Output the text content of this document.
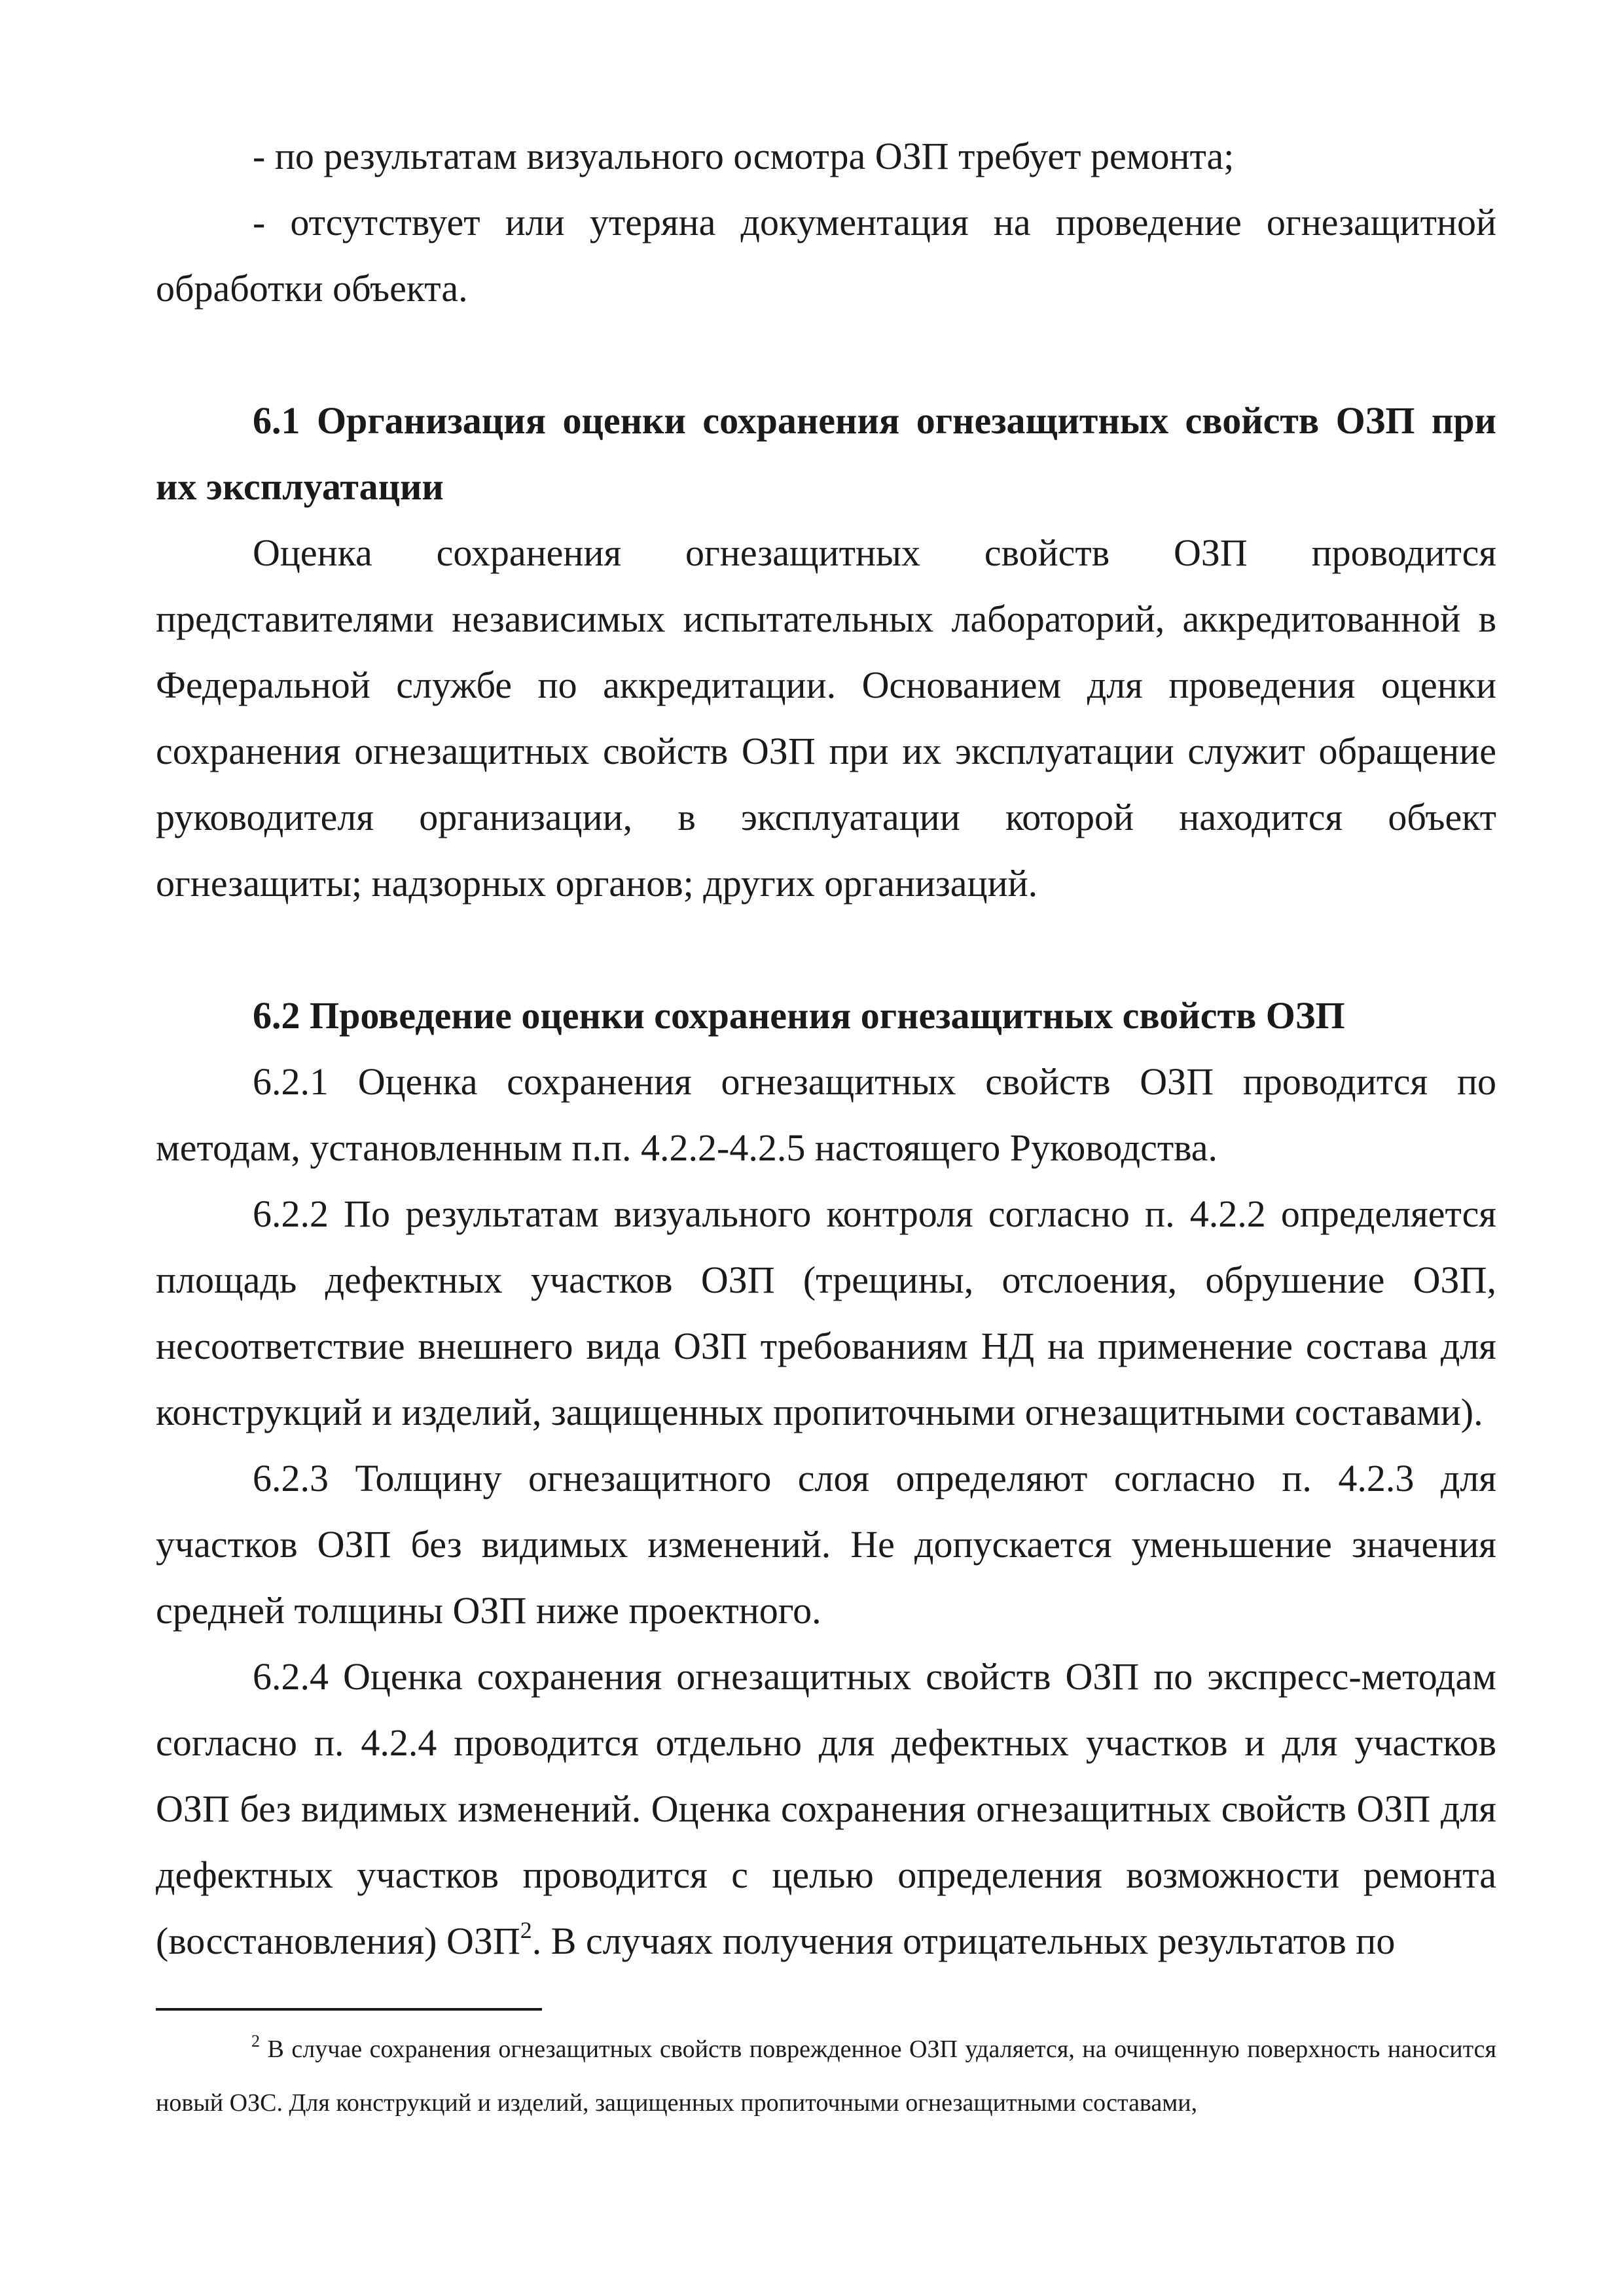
- по результатам визуального осмотра ОЗП требует ремонта;

- отсутствует или утеряна документация на проведение огнезащитной обработки объекта.

6.1 Организация оценки сохранения огнезащитных свойств ОЗП при их эксплуатации

Оценка сохранения огнезащитных свойств ОЗП проводится представителями независимых испытательных лабораторий, аккредитованной в Федеральной службе по аккредитации. Основанием для проведения оценки сохранения огнезащитных свойств ОЗП при их эксплуатации служит обращение руководителя организации, в эксплуатации которой находится объект огнезащиты; надзорных органов; других организаций.

6.2 Проведение оценки сохранения огнезащитных свойств ОЗП

6.2.1 Оценка сохранения огнезащитных свойств ОЗП проводится по методам, установленным п.п. 4.2.2-4.2.5 настоящего Руководства.

6.2.2 По результатам визуального контроля согласно п. 4.2.2 определяется площадь дефектных участков ОЗП (трещины, отслоения, обрушение ОЗП, несоответствие внешнего вида ОЗП требованиям НД на применение состава для конструкций и изделий, защищенных пропиточными огнезащитными составами).

6.2.3 Толщину огнезащитного слоя определяют согласно п. 4.2.3 для участков ОЗП без видимых изменений. Не допускается уменьшение значения средней толщины ОЗП ниже проектного.

6.2.4 Оценка сохранения огнезащитных свойств ОЗП по экспресс-методам согласно п. 4.2.4 проводится отдельно для дефектных участков и для участков ОЗП без видимых изменений. Оценка сохранения огнезащитных свойств ОЗП для дефектных участков проводится с целью определения возможности ремонта (восстановления) ОЗП$^2$. В случаях получения отрицательных результатов по

$^2$ В случае сохранения огнезащитных свойств поврежденное ОЗП удаляется, на очищенную поверхность наносится новый ОЗС. Для конструкций и изделий, защищенных пропиточными огнезащитными составами,
